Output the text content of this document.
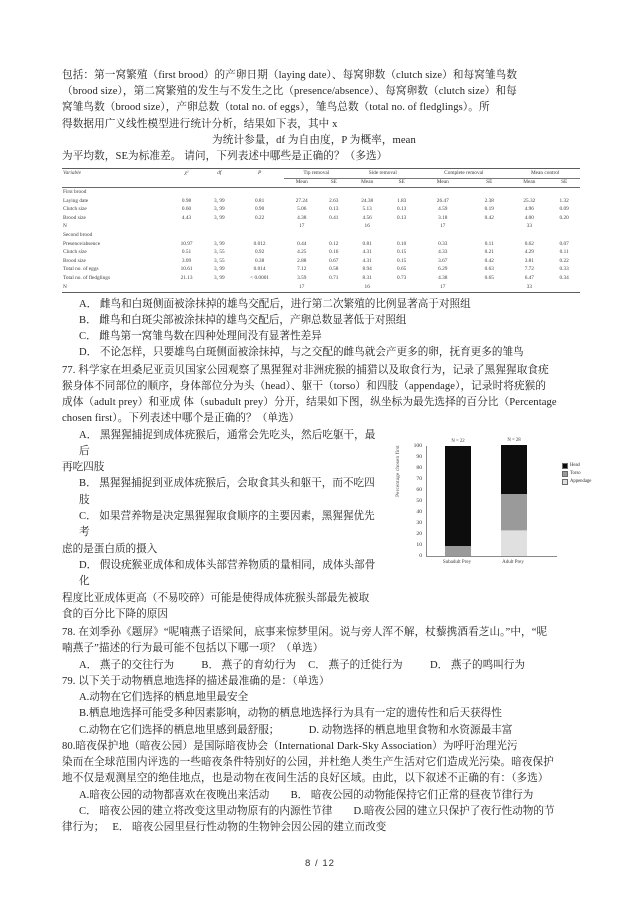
包括：第一窝繁殖（first brood）的产卵日期（laying date）、每窝卵数（clutch size）和每窝雏鸟数

（brood size），第二窝繁殖的发生与不发生之比（presence/absence）、每窝卵数（clutch size）和每

窝雏鸟数（brood size），产卵总数（total no. of eggs），雏鸟总数（total no. of fledglings）。所

得数据用广义线性模型进行统计分析，结果如下表，其中 x

为统计参量，df 为自由度，P 为概率，mean

为平均数，SE为标准差。 请问，下列表述中哪些是正确的？（多选）

Variable	χ²	df	P	Tip removal		Side removal		Complete removal		Mean control	
				Mean	SE	Mean	SE	Mean	SE	Mean	SE
First brood											
Laying date	0.98	3, 99	0.81	27.24	2.63	24.38	1.83	26.47	2.38	25.32	1.32
Clutch size	0.60	3, 99	0.90	5.06	0.13	5.13	0.13	4.59	0.19	4.96	0.09
Brood size	4.43	3, 99	0.22	4.38	0.41	4.56	0.13	3.18	0.42	4.00	0.20
N				17		16		17		33	
Second brood											
Presence/absence	10.97	3, 99	0.012	0.44	0.12	0.81	0.10	0.33	0.11	0.62	0.07
Clutch size	0.51	3, 55	0.92	4.25	0.16	4.31	0.15	4.33	0.21	4.29	0.11
Brood size	3.09	3, 55	0.38	2.88	0.67	4.31	0.15	3.67	0.42	3.81	0.22
Total no. of eggs	10.61	3, 99	0.014	7.12	0.58	8.94	0.65	6.29	0.63	7.72	0.33
Total no. of fledglings	21.13	3, 99	< 0.0001	3.59	0.71	8.31	0.73	4.38	0.65	6.47	0.34
N				17		16		17		33	

A． 雌鸟和白斑侧面被涂抹掉的雄鸟交配后，进行第二次繁殖的比例显著高于对照组

B． 雌鸟和白斑尖部被涂抹掉的雄鸟交配后，产卵总数显著低于对照组

C． 雌鸟第一窝雏鸟数在四种处理间没有显著性差异

D． 不论怎样，只要雄鸟白斑侧面被涂抹掉，与之交配的雌鸟就会产更多的卵，抚育更多的雏鸟

77. 科学家在坦桑尼亚贡贝国家公园观察了黑猩猩对非洲疣猴的捕猎以及取食行为，记录了黑猩猩取食疣

猴身体不同部位的顺序，身体部位分为头（head）、躯干（torso）和四肢（appendage），记录时将疣猴的

成体（adult prey）和亚成 体（subadult prey）分开，结果如下图，纵坐标为最先选择的百分比（Percentage

chosen first）。下列表述中哪个是正确的？（单选）

A． 黑猩猩捕捉到成体疣猴后，通常会先吃头，然后吃躯干，最后

再吃四肢

B． 黑猩猩捕捉到亚成体疣猴后，会取食其头和躯干，而不吃四肢

C． 如果营养物是决定黑猩猩取食顺序的主要因素，黑猩猩优先考

虑的是蛋白质的摄入

D． 假设疣猴亚成体和成体头部营养物质的量相同，成体头部骨化

程度比亚成体更高（不易咬碎）可能是使得成体疣猴头部最先被取

食的百分比下降的原因

Percentage chosen first
0
10
20
30
40
50
60
70
80
90
100
N = 22	N = 28
Subadult Prey	Adult Prey
Head
Torso
Appendage

78. 在刘季孙《题屏》“呢喃燕子语梁间，底事来惊梦里闲。说与旁人浑不解，杖藜携酒看芝山。”中，“呢

喃燕子”描述的行为最可能不包括以下哪一项？（单选）

A． 燕子的交往行为	B． 燕子的育幼行为 C． 燕子的迁徙行为	D． 燕子的鸣叫行为

79. 以下关于动物栖息地选择的描述最准确的是：（单选）

A.动物在它们选择的栖息地里最安全

B.栖息地选择可能受多种因素影响，动物的栖息地选择行为具有一定的遗传性和后天获得性

C.动物在它们选择的栖息地里感到最舒服；	D. 动物选择的栖息地里食物和水资源最丰富

80.暗夜保护地（暗夜公园）是国际暗夜协会（International Dark-Sky Association）为呼吁治理光污

染而在全球范围内评选的一些暗夜条件特别好的公园，并杜绝人类生产生活对它们造成光污染。暗夜保护

地不仅是观测星空的绝佳地点，也是动物在夜间生活的良好区域。由此，以下叙述不正确的有：（多选）

A.暗夜公园的动物都喜欢在夜晚出来活动　　B． 暗夜公园的动物能保持它们正常的昼夜节律行为

C． 暗夜公园的建立将改变这里动物原有的内源性节律　　D.暗夜公园的建立只保护了夜行性动物的节

律行为；　 E． 暗夜公园里昼行性动物的生物钟会因公园的建立而改变

8 / 12
